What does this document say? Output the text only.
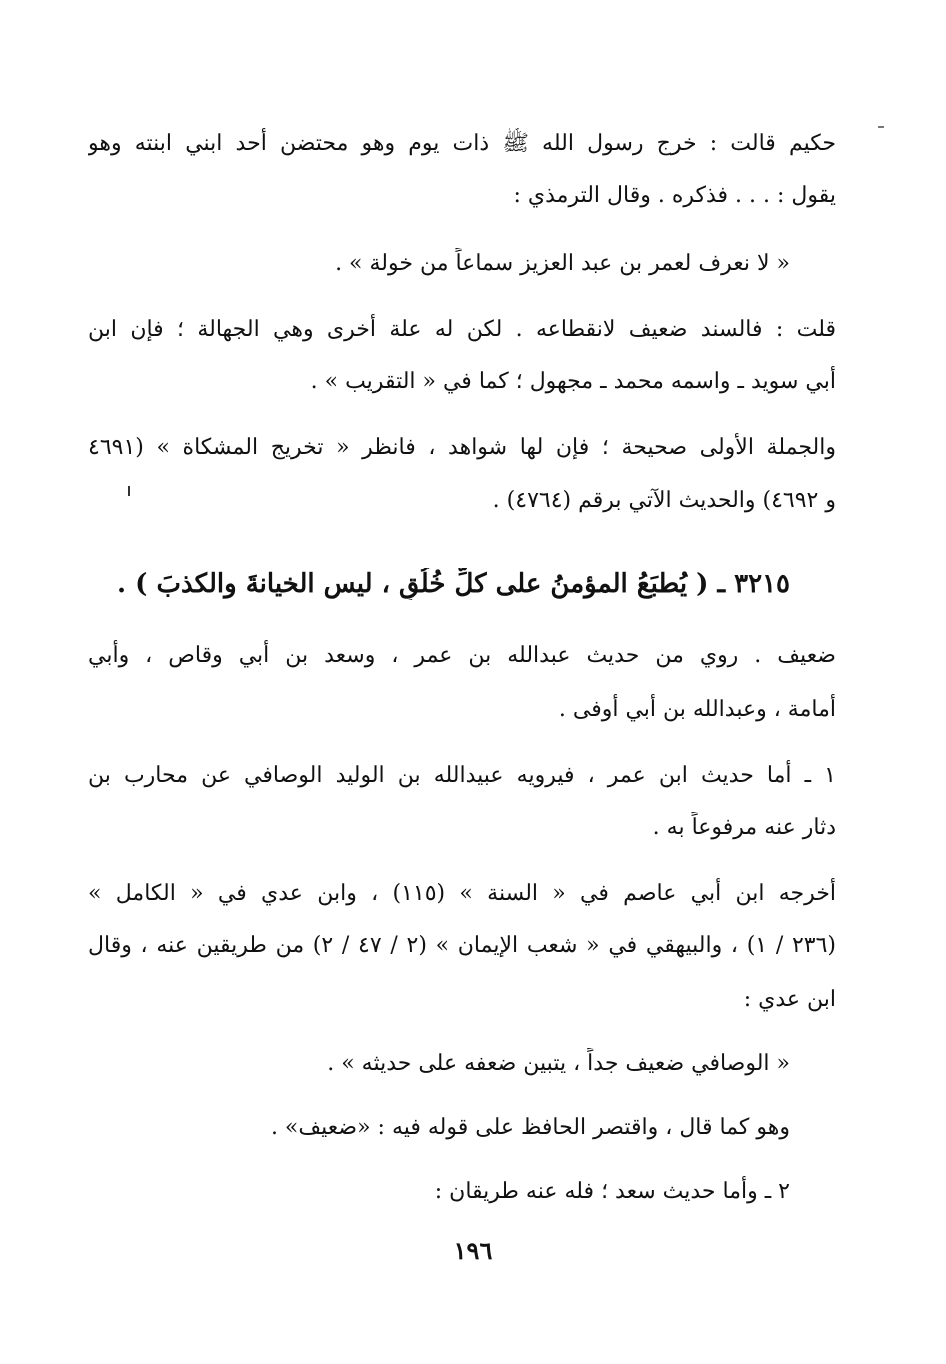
حكيم قالت : خرج رسول الله ﷺ ذات يوم وهو محتضن أحد ابني ابنته وهو
يقول : . . . فذكره . وقال الترمذي :
« لا نعرف لعمر بن عبد العزيز سماعاً من خولة » .
قلت : فالسند ضعيف لانقطاعه . لكن له علة أخرى وهي الجهالة ؛ فإن ابن
أبي سويد ـ واسمه محمد ـ مجهول ؛ كما في « التقريب » .
والجملة الأولى صحيحة ؛ فإن لها شواهد ، فانظر « تخريج المشكاة » (٤٦٩١
و ٤٦٩٢) والحديث الآتي برقم (٤٧٦٤) .
٣٢١٥ ـ ( يُطبَعُ المؤمنُ على كلِّ خُلُقٍ ، ليس الخيانةَ والكذبَ ) .
ضعيف . روي من حديث عبدالله بن عمر ، وسعد بن أبي وقاص ، وأبي
أمامة ، وعبدالله بن أبي أوفى .
١ ـ أما حديث ابن عمر ، فيرويه عبيدالله بن الوليد الوصافي عن محارب بن
دثار عنه مرفوعاً به .
أخرجه ابن أبي عاصم في « السنة » (١١٥) ، وابن عدي في « الكامل »
(٢٣٦ / ١) ، والبيهقي في « شعب الإيمان » (٢ / ٤٧ / ٢) من طريقين عنه ، وقال
ابن عدي :
« الوصافي ضعيف جداً ، يتبين ضعفه على حديثه » .
وهو كما قال ، واقتصر الحافظ على قوله فيه : «ضعيف» .
٢ ـ وأما حديث سعد ؛ فله عنه طريقان :
١٩٦
